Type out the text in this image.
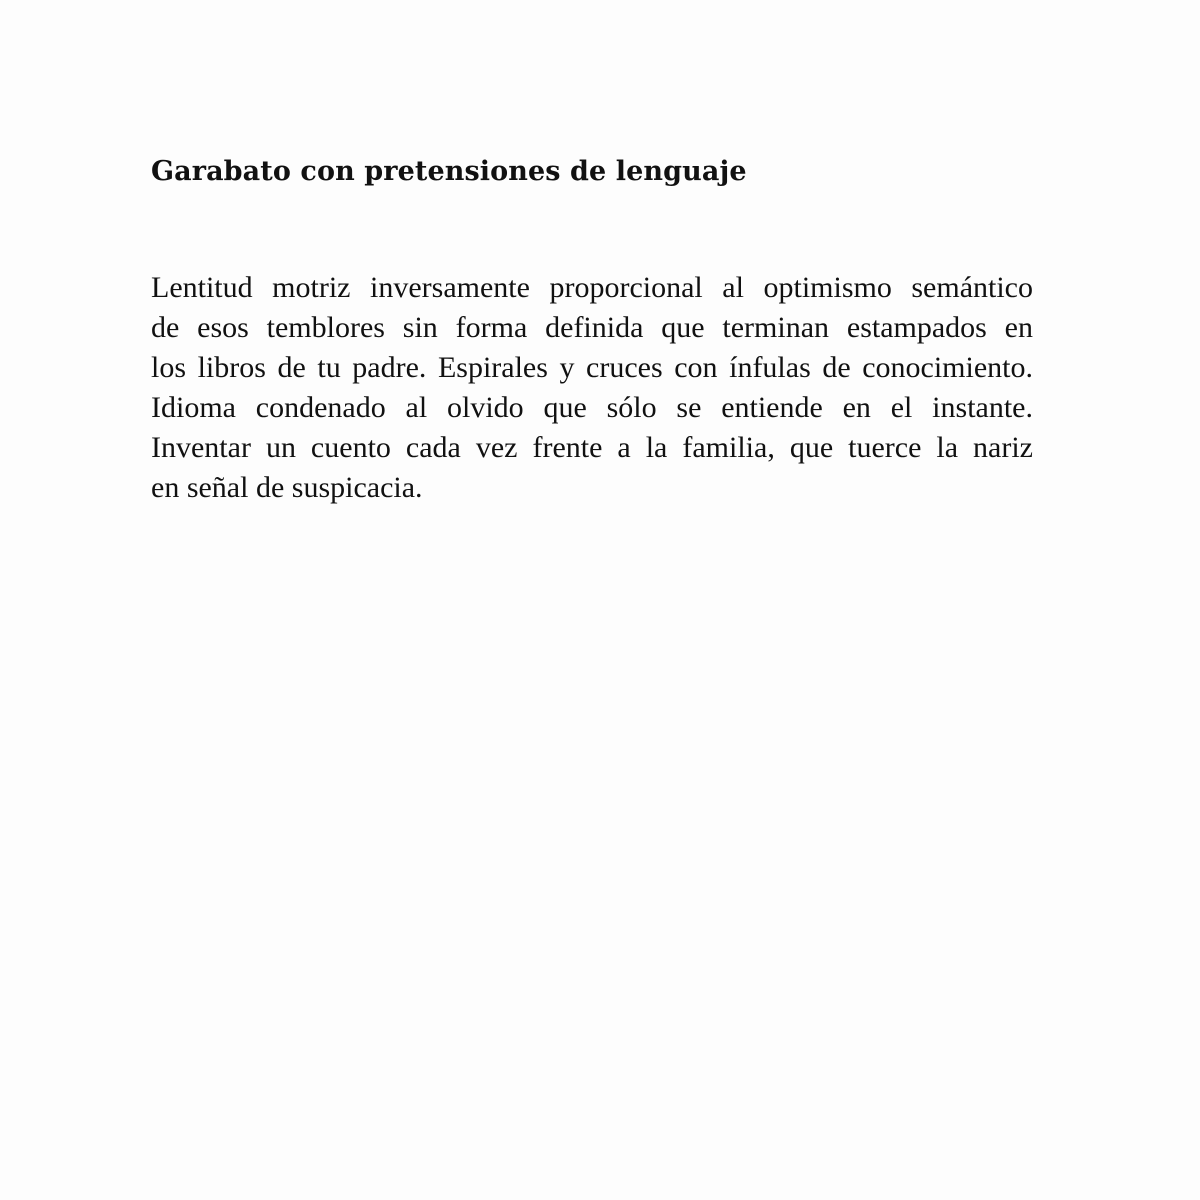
Garabato con pretensiones de lenguaje

Lentitud motriz inversamente proporcional al optimismo semántico
de esos temblores sin forma definida que terminan estampados en
los libros de tu padre. Espirales y cruces con ínfulas de conocimiento.
Idioma condenado al olvido que sólo se entiende en el instante.
Inventar un cuento cada vez frente a la familia, que tuerce la nariz
en señal de suspicacia.
